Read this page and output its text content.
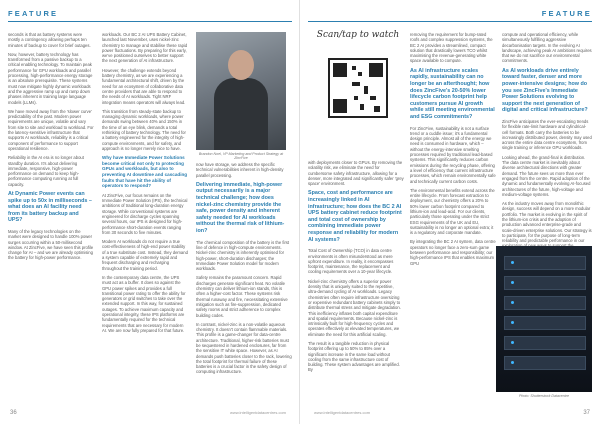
FEATURE

seconds is that as battery systems were mostly a contingency allowing perhaps ten minutes of backup to cover for brief outages.

Now, however, battery technology has transformed from a passive backup to a critical enabling technology. To maintain peak performance for GPU workloads and parallel processing, high-performance energy storage is an absolute prerequisite. These systems must now mitigate highly dynamic workloads and the aggressive ramp up and ramp down phases inherent in training large language models (LLMs).

We have moved away from the 'slower curve' predictability of the past. Modern power requirements are unique, volatile and vary from site to site and workload to workload. For the latency-sensitive infrastructure that supports AI workloads, reliability is a critical component of performance to support operational resilience.

Reliability in the AI era is no longer about standby duration. It's about delivering immediate, responsive, high-power performance on demand to keep high-performance computing running at full capacity.

At Dynamic Power events can spike up to 50x in milliseconds – what does an AI facility need from its battery backup and UPS?

Many of the legacy technologies on the market were designed to handle 100% power surges occurring within a 50-millisecond window. At ZincFive, we have seen this profile change for AI – and we are already optimising the battery for high-power performance.

workloads. Our BC 2 AI UPS Battery Cabinet, launched last November, uses nickel-zinc chemistry to manage and stabilise these rapid power fluctuations. By preparing for this early, we've positioned ourselves to better support the next generation of AI infrastructure.

However, the challenge extends beyond battery chemistry, as we are experiencing a fundamental architectural shift, driven by the need for an ecosystem of collaborative data centre providers that are able to respond to the needs of AI workloads. Tight NRF integration means operators will always lead.

This transition from steady-state backup to managing dynamic workloads, where power demands swing between 40% and 150% in the time of an eye blink, demands a total rethinking of battery technology. The need for a battery engineered for the integrity of high-compute environments, and for safety, and approach is no longer merely nice to have.

Why have Immediate Power Solutions become critical not only to protecting GPUs and workloads, but also to preventing AI downtime and cascading faults that have hit the ability of operators to respond?

At ZincFive, our focus remains on the Immediate Power Solution (IPS), the technical ambitions of traditional long-duration energy storage. While conventional systems are engineered for discharge cycles spanning several hours, our IPS is designed for high-performance short-duration events ranging from 30 seconds to five minutes.

Modern AI workloads do not require a true cost-effectiveness of high-end power stability of a true substitute cost. Instead, they demand a system capable of extremely rapid and frequent discharging and recharging throughout the training period.

In the contemporary data centre, the UPS must act as a buffer. It does so against the GPU power spikes and provides a full transitional power rating to offer the ability for generators or grid switches to take over the extended support. In this way, for sustained outages. To achieve maximum capacity and operational integrity, these IPS platforms are fundamentally required for the technical requirements that are necessary for modern AI. We are now fully prepared for that future.

Brandon Noel, VP Marketing and Product Strategy at ZincFive

now have storage, we address the specific technical vulnerabilities inherent in high-density parallel processing.

Delivering immediate, high-power output necessarily is a major technical challenge; how does nickel-zinc chemistry provide the safe, power density and inherent safety needed for AI workloads without the thermal risk of lithium-ion?

The chemical composition of the battery is the first line of defence in high-compute environments. Nickel-zinc chemistry is inherently optimised for high-power, short-duration discharges; the Immediate Power Solution model for modern workloads.

Safety remains the paramount concern. Rapid discharges generate significant heat. No volatile chemistry can deliver lithium-ion stands, this is often a higher-cost factor. These systems risk thermal runaway and fire, necessitating extensive mitigation such as fire-suppression, dedicated safety rooms and strict adherence to complex building codes.

In contrast, nickel-zinc is a non-volatile aqueous chemistry. It doesn't contain flammable materials. This profile is a game-changer for data-centre architecture. Traditional, higher-risk batteries must be sequestered in hardened enclosures, far from the sensitive IT white space. However, as AI demands push batteries closer to the rack, lowering the total footprint for thermal failure of these batteries is a crucial factor in the safety design of computing infrastructure.

36	www.intelligentdatacentres.com
FEATURE
Scan/tap to watch

with deployments closer to GPUs. By removing the volatility risk, we eliminate the need for cumbersome safety infrastructure, allowing for a denser, more integrated and significantly safer 'grey space' environment.

Space, cost and performance are increasingly linked in AI infrastructure; how does the BC 2 AI UPS battery cabinet reduce footprint and total cost of ownership by combining immediate power response and reliability for modern AI systems?

Total Cost of Ownership (TCO) in data centre environments is often misunderstood as mere upfront expenditure. In reality, it encompasses footprint, maintenance, the replacement and cooling requirements over a 10-year lifecycle.

Nickel-zinc chemistry offers a superior power density that is uniquely suited to the repetitive, ultra-demand cycling of AI workloads. Legacy chemistries often require infrastructure oversizing or expensive redundant battery cabinets simply to distribute thermal stress and mitigate degradation. This inefficiency inflates both capital expenditure and spatial requirements. Because nickel-zinc is intrinsically built for high-frequency cycles and operates effectively at elevated temperatures, we eliminate the need for this artificial scaling.

The result is a tangible reduction in physical footprint offering up to 50% to 85% over a significant increase in the same load without cooling from the same infrastructure cost of building. These system advantages are amplified. By

removing the requirement for bump-rated roofs and complex suppression systems, the BC 2 AI provides a streamlined, compact solution that drastically lowers TCO whilst maximising the revenue-generating white space available to compute.

As AI infrastructure scales rapidly, sustainability can no longer be an afterthought; how does ZincFive's 20-50% lower lifecycle carbon footprint help customers pursue AI growth while still meeting environmental and ESG commitments?

For ZincFive, sustainability is not a surface trend or a cuddle issue; it's a fundamental design principle. Almost all of the energy we need is consumed in hardware, which – without the energy-intensive smelting processes required by traditional lead-based systems. This significantly reduces carbon emissions during the recycling phase, offering a level of efficiency that current infrastructure processes, which remain environmentally safe and technically current carbon costs.

The environmental benefits extend across the entire lifecycle. From forecast extraction to deployment, our chemistry offers a 20% to 50% lower carbon footprint compared to lithium-ion and lead-acid. For our clients, particularly those operating under the strict ESG requirements of the UK and EU, sustainability is no longer an optional extra; it is a regulatory and corporate mandate.

By integrating the BC 2 AI system, data centre operators no longer face a zero-sum game between performance and responsibility; our high-performance IPS that enables maximum GPU

compute and operational efficiency, while simultaneously fulfilling aggressive decarbonisation targets. In the evolving AI landscape, achieving peak AI ambitions requires that we do not sacrifice our environmental commitments.

As AI workloads drive entirely toward faster, denser and more power-intensive designs; how do you see ZincFive's Immediate Power Solutions evolving to support the next generation of digital and critical infrastructure?

ZincFive anticipates the ever-escalating trends for flexible rate-limit hardware and cylindrical-cell formats. Both carry the batteries to be increasingly distributed power, density may used across the entire data centre ecosystem, from single training or inference GPU workloads.

Looking ahead, the grand-final is distribution. The data centre market is inevitably about diverse architectural directions with greater demand. The future sees us more than ever engaged from the centre. Rapid adoption of the dynamic and fundamentally evolving AI-focused architectures of the future, high-voltage and medium-voltage systems.

As the industry moves away from monolithic design, success will depend on a more modular portfolio. The market is evolving in the spirit of the lithium-ion crisis and the adoption of production advanced enterprise-grade and scale-driven enterprise solutions. Our strategy is to participate, for the purpose of long-term reliability and predictable performance in our

Photo: Shutterstock Datacentre
37
www.intelligentdatacentres.com
